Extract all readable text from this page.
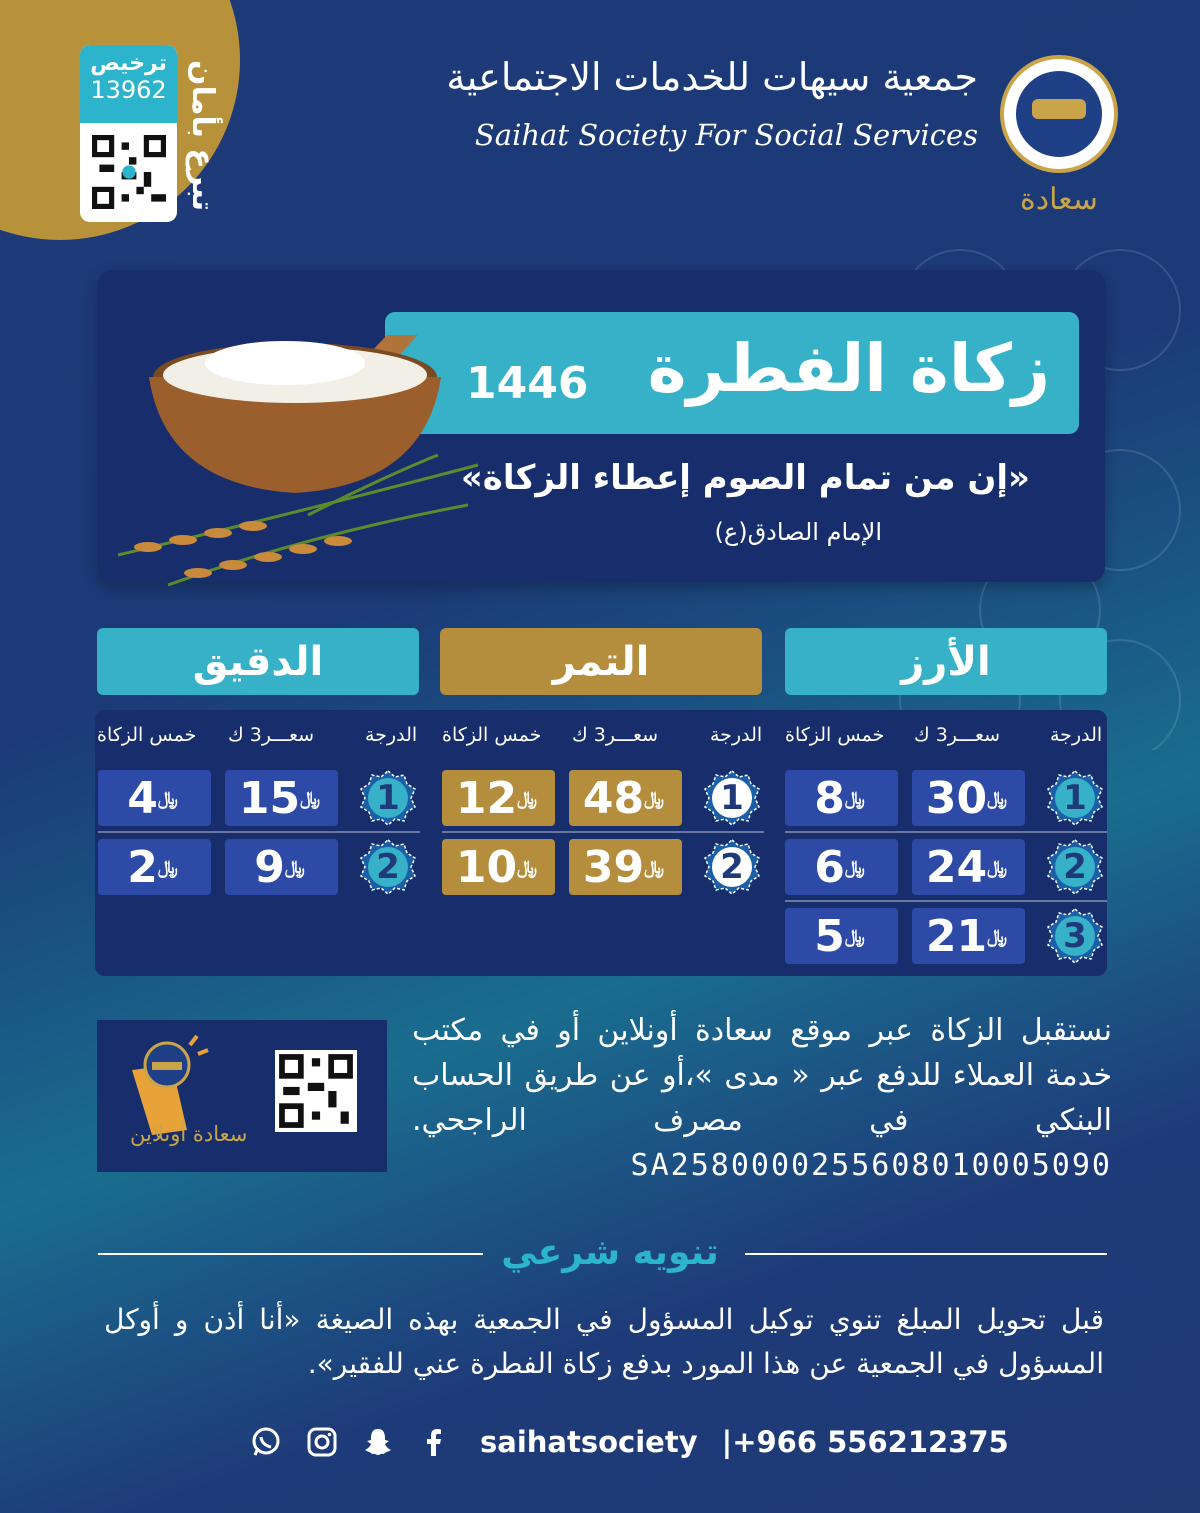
ترخيص
13962 تبرع بأمان	جمعية سيهات للخدمات الاجتماعية
Saihat Society For Social Services
سعادة
زكاة الفطرة
1446
«إن من تمام الصوم إعطاء الزكاة»
الإمام الصادق(ع)
الأرز
التمر
الدقيق
الدرجة
سعـــر3 ك
خمس الزكاة
الدرجة
سعـــر3 ك
خمس الزكاة
الدرجة
سعـــر3 ك
خمس الزكاة
1
30 ﷼
8 ﷼
2
24 ﷼
6 ﷼
3
21 ﷼
5 ﷼
1
48 ﷼
12 ﷼
2
39 ﷼
10 ﷼
1
15 ﷼
4 ﷼
2
9 ﷼
2 ﷼
سعادة أونلاين
نستقبل الزكاة عبر موقع سعادة أونلاين أو في مكتب خدمة العملاء للدفع عبر « مدى »،أو عن طريق الحساب البنكي في مصرف الراجحي. SA2580000255608010005090
تنويه شرعي
قبل تحويل المبلغ تنوي توكيل المسؤول في الجمعية بهذه الصيغة «أنا أذن و أوكل المسؤول في الجمعية عن هذا المورد بدفع زكاة الفطرة عني للفقير».
saihatsociety |+966 556212375
